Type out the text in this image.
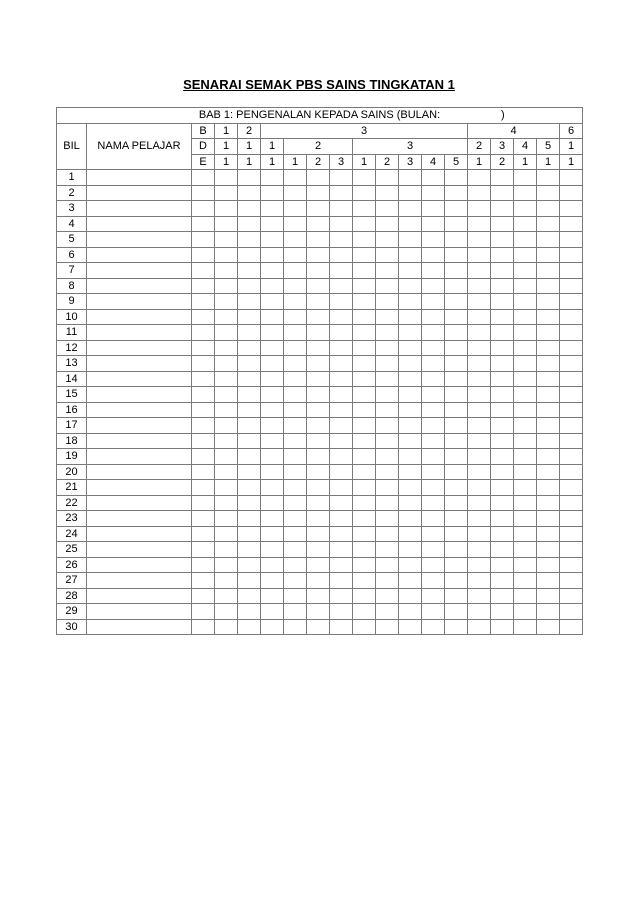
SENARAI SEMAK PBS SAINS TINGKATAN 1
BAB 1: PENGENALAN KEPADA SAINS (BULAN: )																		

BIL	NAMA PELAJAR	B	1	2	3									4				6
		D	1	1	1	2			3					2	3	4	5	1
		E	1	1	1	1	2	3	1	2	3	4	5	1	2	1	1	1
1																		
2																		
3																		
4																		
5																		
6																		
7																		
8																		
9																		
10																		
11																		
12																		
13																		
14																		
15																		
16																		
17																		
18																		
19																		
20																		
21																		
22																		
23																		
24																		
25																		
26																		
27																		
28																		
29																		
30																		
